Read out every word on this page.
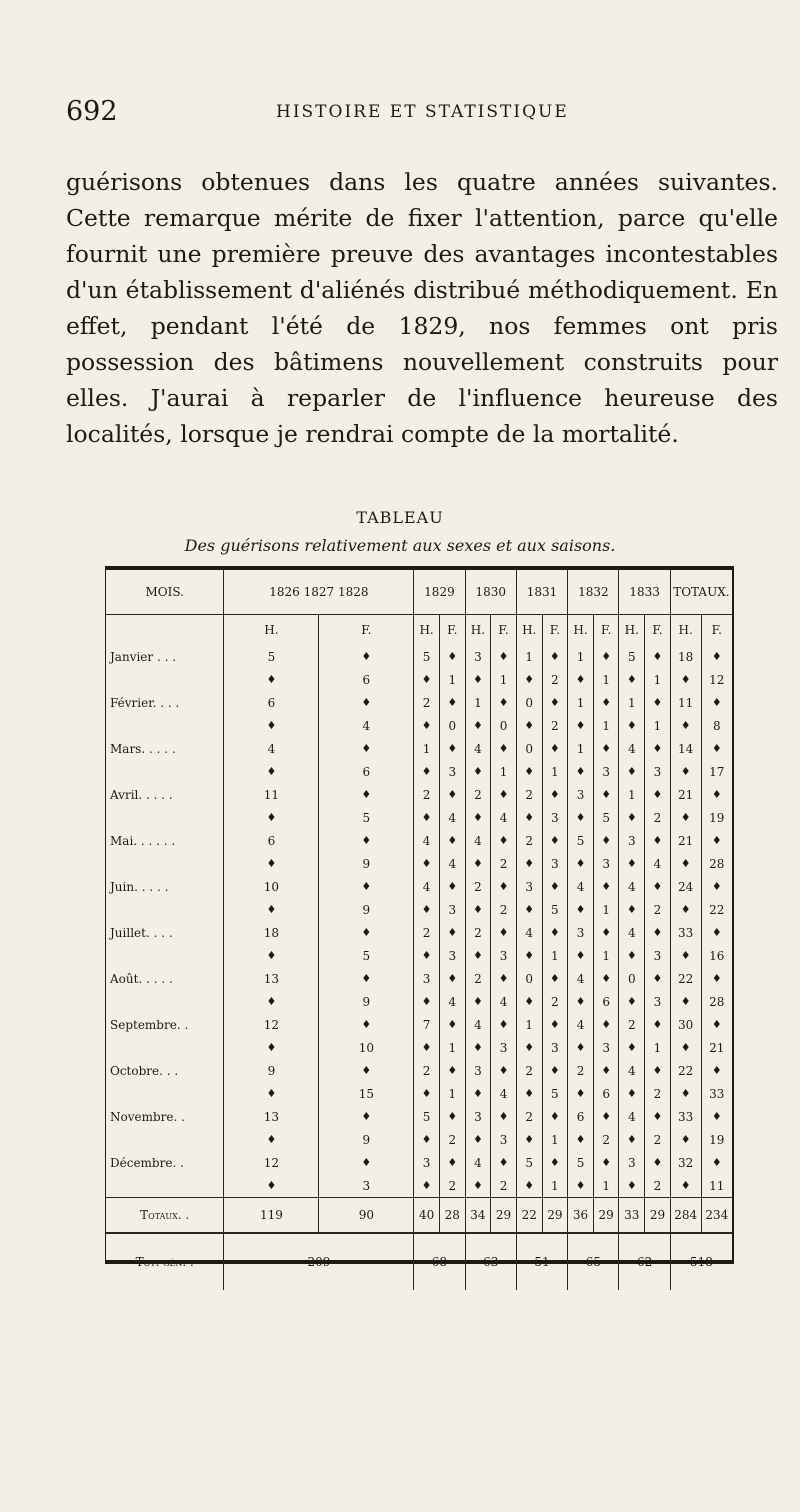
692	HISTOIRE ET STATISTIQUE

guérisons obtenues dans les quatre années suivantes. Cette remarque mérite de fixer l'attention, parce qu'elle fournit une première preuve des avantages incontestables d'un établissement d'aliénés distribué méthodiquement. En effet, pendant l'été de 1829, nos femmes ont pris possession des bâtimens nouvellement construits pour elles. J'aurai à reparler de l'influence heureuse des localités, lorsque je rendrai compte de la mortalité.

TABLEAU
Des guérisons relativement aux sexes et aux saisons.
MOIS.	1826 1827 1828		1829		1830		1831		1832		1833		TOTAUX.	
	H.	F.	H.	F.	H.	F.	H.	F.	H.	F.	H.	F.	H.	F.
Janvier . . .	5	♦	5	♦	3	♦	1	♦	1	♦	5	♦	18	♦
	♦	6	♦	1	♦	1	♦	2	♦	1	♦	1	♦	12
Février. . . .	6	♦	2	♦	1	♦	0	♦	1	♦	1	♦	11	♦
	♦	4	♦	0	♦	0	♦	2	♦	1	♦	1	♦	8
Mars. . . . .	4	♦	1	♦	4	♦	0	♦	1	♦	4	♦	14	♦
	♦	6	♦	3	♦	1	♦	1	♦	3	♦	3	♦	17
Avril. . . . .	11	♦	2	♦	2	♦	2	♦	3	♦	1	♦	21	♦
	♦	5	♦	4	♦	4	♦	3	♦	5	♦	2	♦	19
Mai. . . . . .	6	♦	4	♦	4	♦	2	♦	5	♦	3	♦	21	♦
	♦	9	♦	4	♦	2	♦	3	♦	3	♦	4	♦	28
Juin. . . . .	10	♦	4	♦	2	♦	3	♦	4	♦	4	♦	24	♦
	♦	9	♦	3	♦	2	♦	5	♦	1	♦	2	♦	22
Juillet. . . .	18	♦	2	♦	2	♦	4	♦	3	♦	4	♦	33	♦
	♦	5	♦	3	♦	3	♦	1	♦	1	♦	3	♦	16
Août. . . . .	13	♦	3	♦	2	♦	0	♦	4	♦	0	♦	22	♦
	♦	9	♦	4	♦	4	♦	2	♦	6	♦	3	♦	28
Septembre. .	12	♦	7	♦	4	♦	1	♦	4	♦	2	♦	30	♦
	♦	10	♦	1	♦	3	♦	3	♦	3	♦	1	♦	21
Octobre. . .	9	♦	2	♦	3	♦	2	♦	2	♦	4	♦	22	♦
	♦	15	♦	1	♦	4	♦	5	♦	6	♦	2	♦	33
Novembre. .	13	♦	5	♦	3	♦	2	♦	6	♦	4	♦	33	♦
	♦	9	♦	2	♦	3	♦	1	♦	2	♦	2	♦	19
Décembre. .	12	♦	3	♦	4	♦	5	♦	5	♦	3	♦	32	♦
	♦	3	♦	2	♦	2	♦	1	♦	1	♦	2	♦	11
Totaux. .	119	90	40	28	34	29	22	29	36	29	33	29	284	234
Tot. gén. .	209		68		63		51		65		62		518	
